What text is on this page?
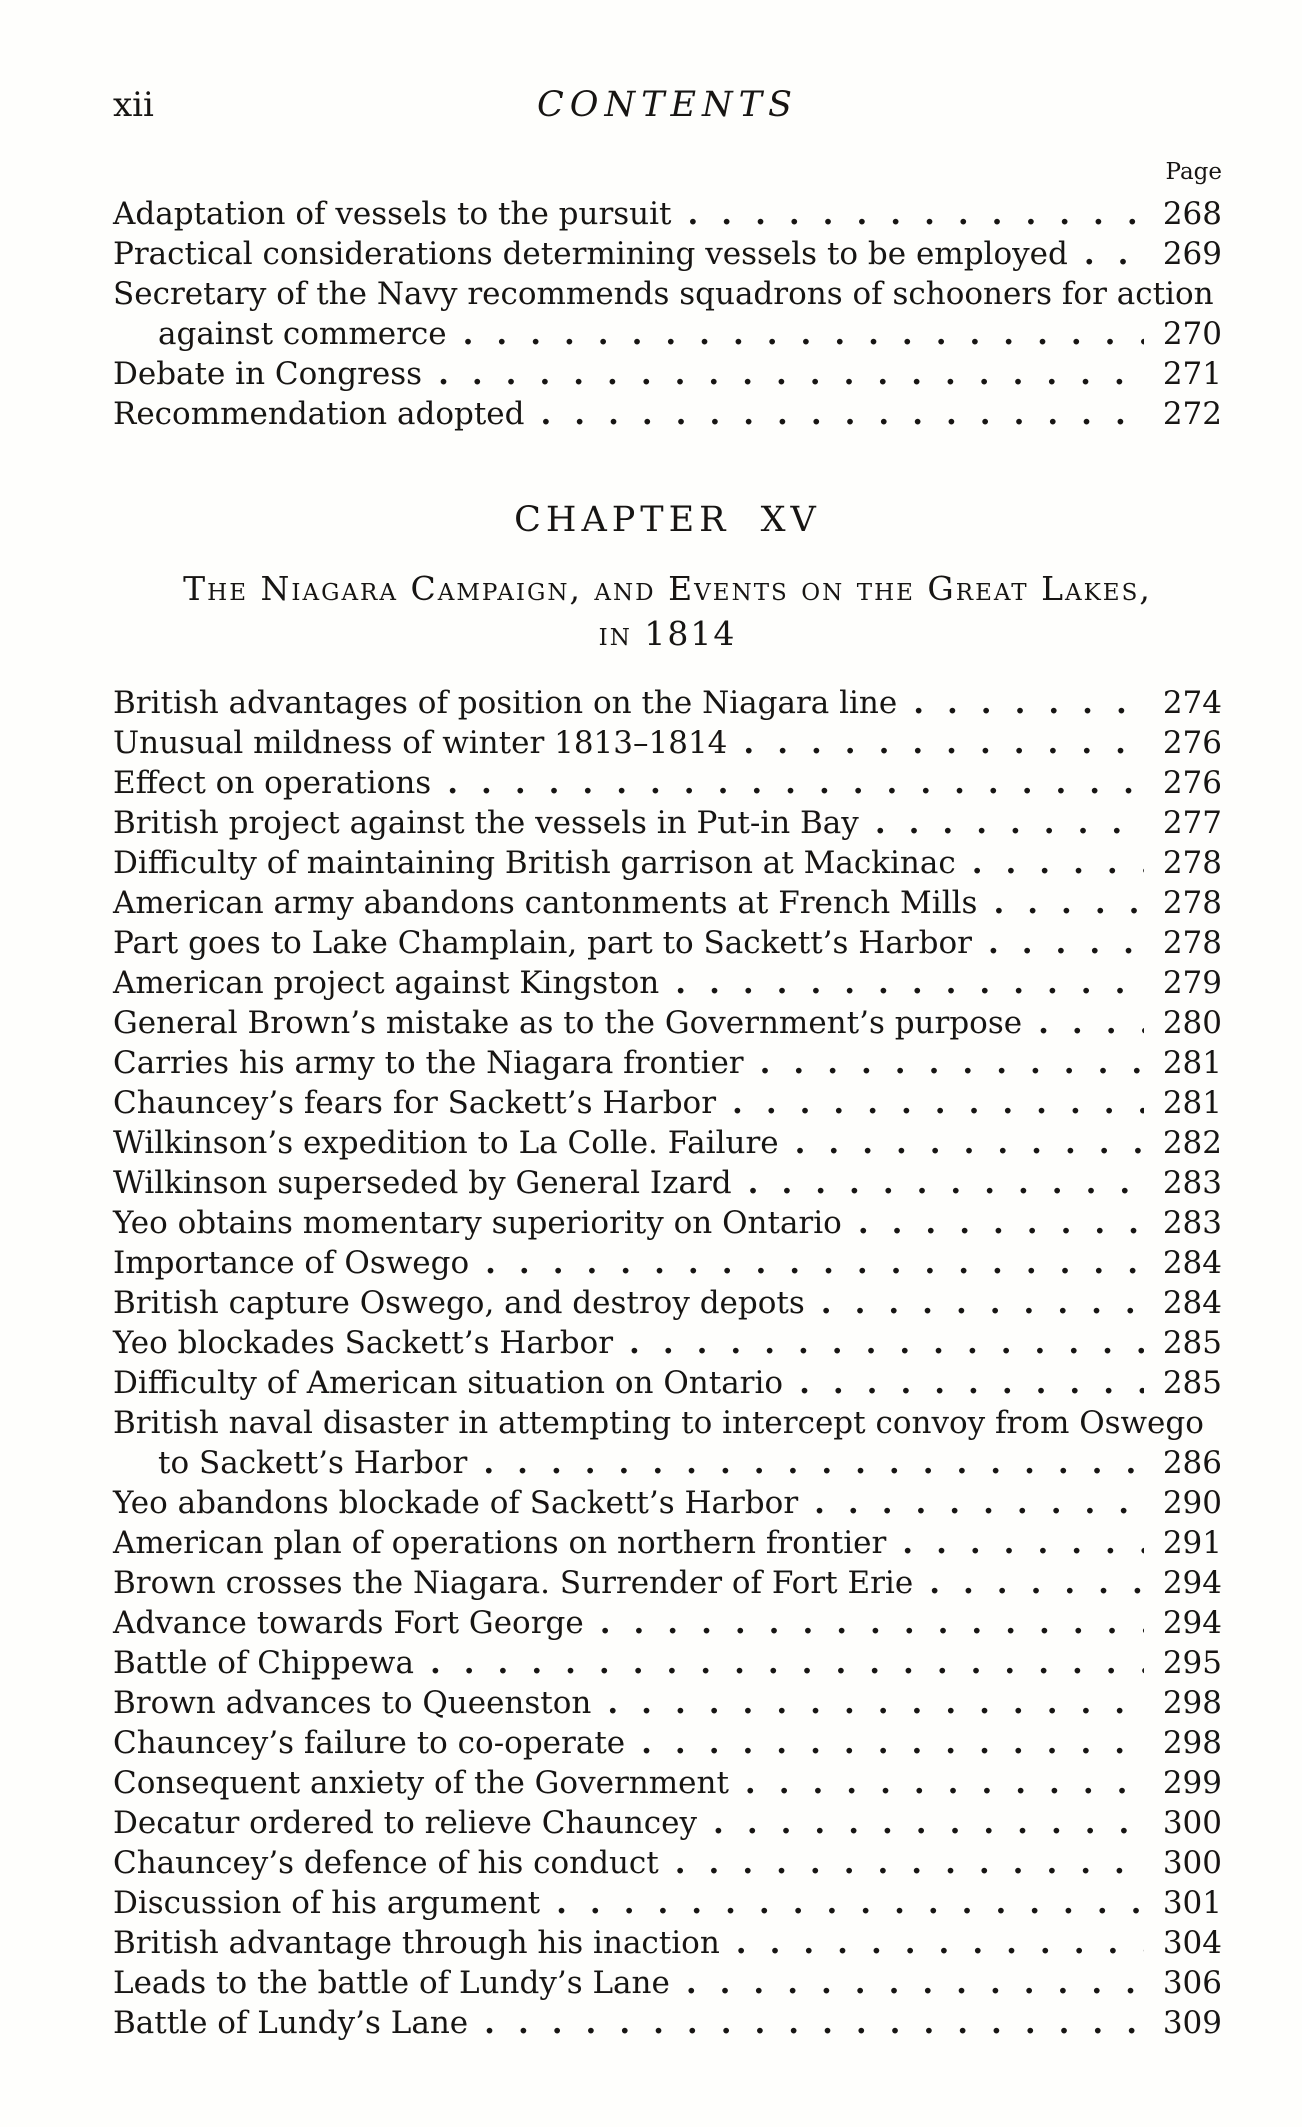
xii	CONTENTS
Page
Adaptation of vessels to the pursuit .....	268
Practical considerations determining vessels to be employed .....	269
Secretary of the Navy recommends squadrons of schooners for action
against commerce .....	270
Debate in Congress .....	271
Recommendation adopted .....	272
CHAPTER XV
The Niagara Campaign, and Events on the Great Lakes,
in 1814
British advantages of position on the Niagara line .....	274
Unusual mildness of winter 1813–1814 .....	276
Effect on operations .....	276
British project against the vessels in Put-in Bay .....	277
Difficulty of maintaining British garrison at Mackinac .....	278
American army abandons cantonments at French Mills .....	278
Part goes to Lake Champlain, part to Sackett’s Harbor .....	278
American project against Kingston .....	279
General Brown’s mistake as to the Government’s purpose .....	280
Carries his army to the Niagara frontier .....	281
Chauncey’s fears for Sackett’s Harbor .....	281
Wilkinson’s expedition to La Colle. Failure .....	282
Wilkinson superseded by General Izard .....	283
Yeo obtains momentary superiority on Ontario .....	283
Importance of Oswego .....	284
British capture Oswego, and destroy depots .....	284
Yeo blockades Sackett’s Harbor .....	285
Difficulty of American situation on Ontario .....	285
British naval disaster in attempting to intercept convoy from Oswego
to Sackett’s Harbor .....	286
Yeo abandons blockade of Sackett’s Harbor .....	290
American plan of operations on northern frontier .....	291
Brown crosses the Niagara. Surrender of Fort Erie .....	294
Advance towards Fort George .....	294
Battle of Chippewa .....	295
Brown advances to Queenston .....	298
Chauncey’s failure to co-operate .....	298
Consequent anxiety of the Government .....	299
Decatur ordered to relieve Chauncey .....	300
Chauncey’s defence of his conduct .....	300
Discussion of his argument .....	301
British advantage through his inaction .....	304
Leads to the battle of Lundy’s Lane .....	306
Battle of Lundy’s Lane .....	309
